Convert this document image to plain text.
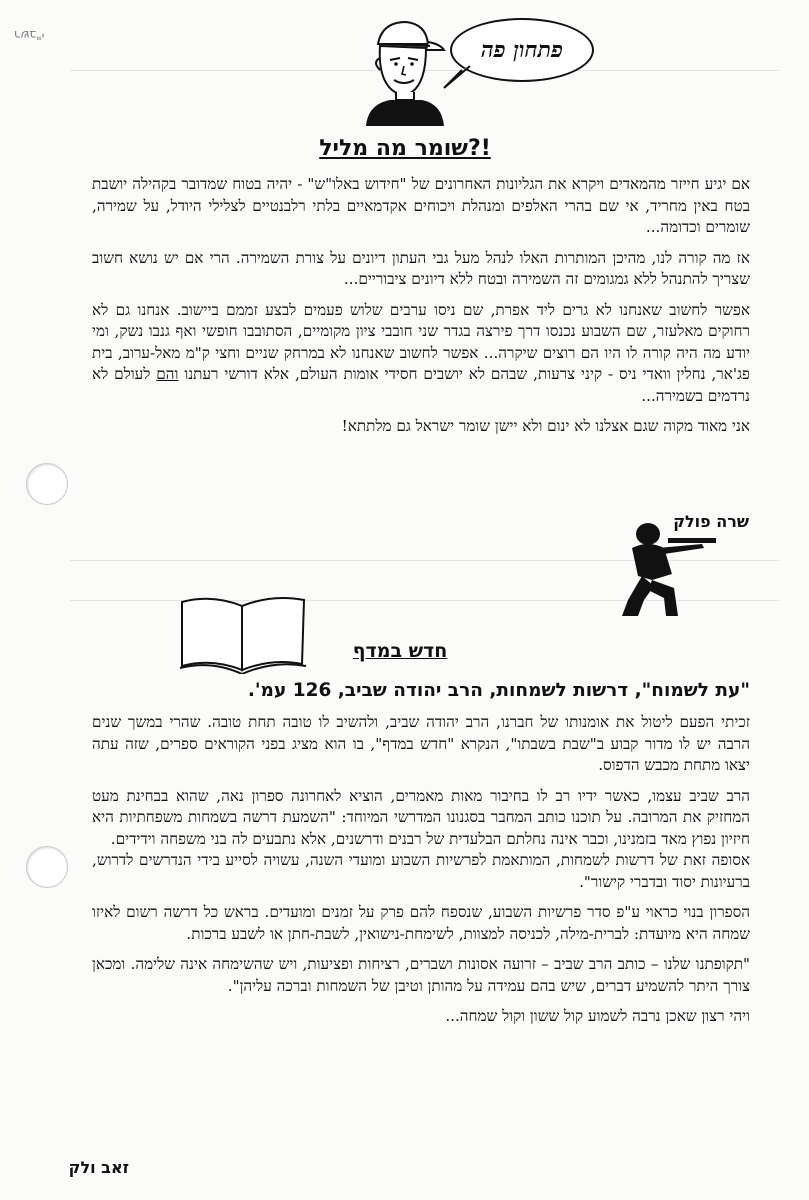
רשב"י
פתחון פה
שומר מה מליל?!

אם יגיע חייזר מהמאדים ויקרא את הגליונות האחרונים של "חידוש באלו"ש" - יהיה בטוח שמדובר בקהילה יושבת בטח באין מחריד, אי שם בהרי האלפים ומנהלת ויכוחים אקדמאיים בלתי רלבנטיים לצלילי היודל, על שמירה, שומרים וכדומה...

אז מה קורה לנו, מהיכן המותרות האלו לנהל מעל גבי העתון דיונים על צורת השמירה. הרי אם יש נושא חשוב שצריך להתנהל ללא גמגומים זה השמירה ובטח ללא דיונים ציבוריים...

אפשר לחשוב שאנחנו לא גרים ליד אפרת, שם ניסו ערבים שלוש פעמים לבצע זממם ביישוב. אנחנו גם לא רחוקים מאלעזר, שם השבוע נכנסו דרך פירצה בגדר שני חובבי ציון מקומיים, הסתובבו חופשי ואף גנבו נשק, ומי יודע מה היה קורה לו היו הם רוצים שיקרה... אפשר לחשוב שאנחנו לא במרחק שניים וחצי ק"מ מאל-ערוב, בית פג'אר, נחלין וואדי ניס - קיני צרעות, שבהם לא יושבים חסידי אומות העולם, אלא דורשי רעתנו והם לעולם לא נרדמים בשמירה...

אני מאוד מקוה שגם אצלנו לא ינום ולא יישן שומר ישראל גם מלתתא!

שרה פולק
חדש במדף
"עת לשמוח", דרשות לשמחות, הרב יהודה שביב, 126 עמ'.

זכיתי הפעם ליטול את אומנותו של חברנו, הרב יהודה שביב, ולהשיב לו טובה תחת טובה. שהרי במשך שנים הרבה יש לו מדור קבוע ב"שבת בשבתו", הנקרא "חדש במדף", בו הוא מציג בפני הקוראים ספרים, שזה עתה יצאו מתחת מכבש הדפוס.

הרב שביב עצמו, כאשר ידיו רב לו בחיבור מאות מאמרים, הוציא לאחרונה ספרון נאה, שהוא בבחינת מעט המחזיק את המרובה. על תוכנו כותב המחבר בסגנונו המדרשי המיוחד: "השמעת דרשה בשמחות משפחתיות היא חיזיון נפוץ מאד בזמנינו, וכבר אינה נחלתם הבלעדית של רבנים ודרשנים, אלא נתבעים לה בני משפחה וידידים.

אסופה זאת של דרשות לשמחות, המותאמת לפרשיות השבוע ומועדי השנה, עשויה לסייע בידי הנדרשים לדרוש, ברעיונות יסוד ובדברי קישור".

הספרון בנוי כראוי ע"פ סדר פרשיות השבוע, שנספח להם פרק על זמנים ומועדים. בראש כל דרשה רשום לאיזו שמחה היא מיועדת: לברית-מילה, לכניסה למצוות, לשימחת-נישואין, לשבת-חתן או לשבע ברכות.

"תקופתנו שלנו – כותב הרב שביב – זרועה אסונות ושברים, רציחות ופציעות, ויש שהשימחה אינה שלימה. ומכאן צורך היתר להשמיע דברים, שיש בהם עמידה על מהותן וטיבן של השמחות וברכה עליהן".

ויהי רצון שאכן נרבה לשמוע קול ששון וקול שמחה...

זאב ולק
